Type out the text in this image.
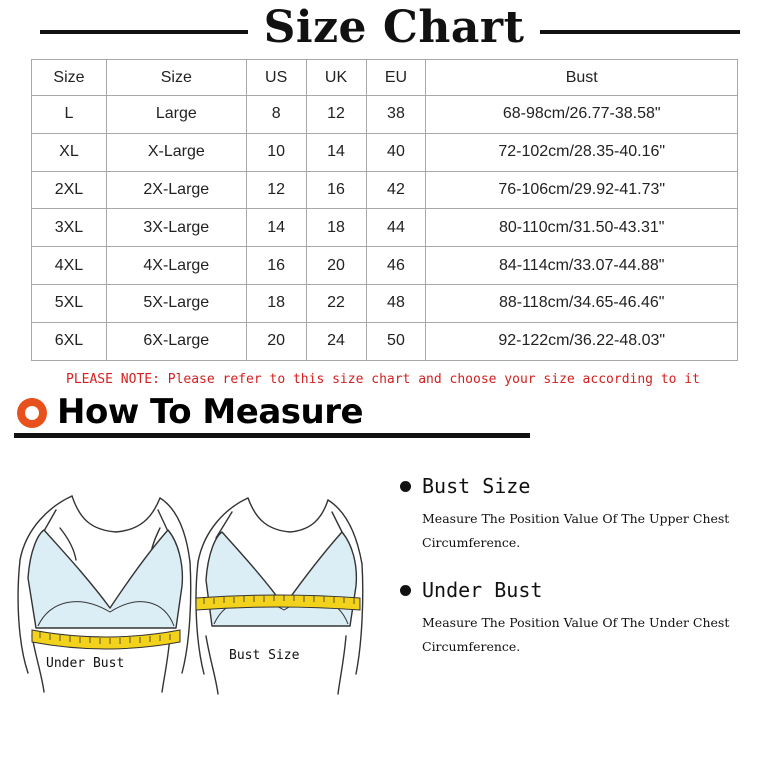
Size Chart
Size	Size	US	UK	EU	Bust
L	Large	8	12	38	68-98cm/26.77-38.58"
XL	X-Large	10	14	40	72-102cm/28.35-40.16"
2XL	2X-Large	12	16	42	76-106cm/29.92-41.73"
3XL	3X-Large	14	18	44	80-110cm/31.50-43.31"
4XL	4X-Large	16	20	46	84-114cm/33.07-44.88"
5XL	5X-Large	18	22	48	88-118cm/34.65-46.46"
6XL	6X-Large	20	24	50	92-122cm/36.22-48.03"
PLEASE NOTE: Please refer to this size chart and choose your size according to it
How To Measure
Under Bust
Bust Size
Bust Size
Measure The Position Value Of The Upper Chest Circumference.
Under Bust
Measure The Position Value Of The Under Chest Circumference.
